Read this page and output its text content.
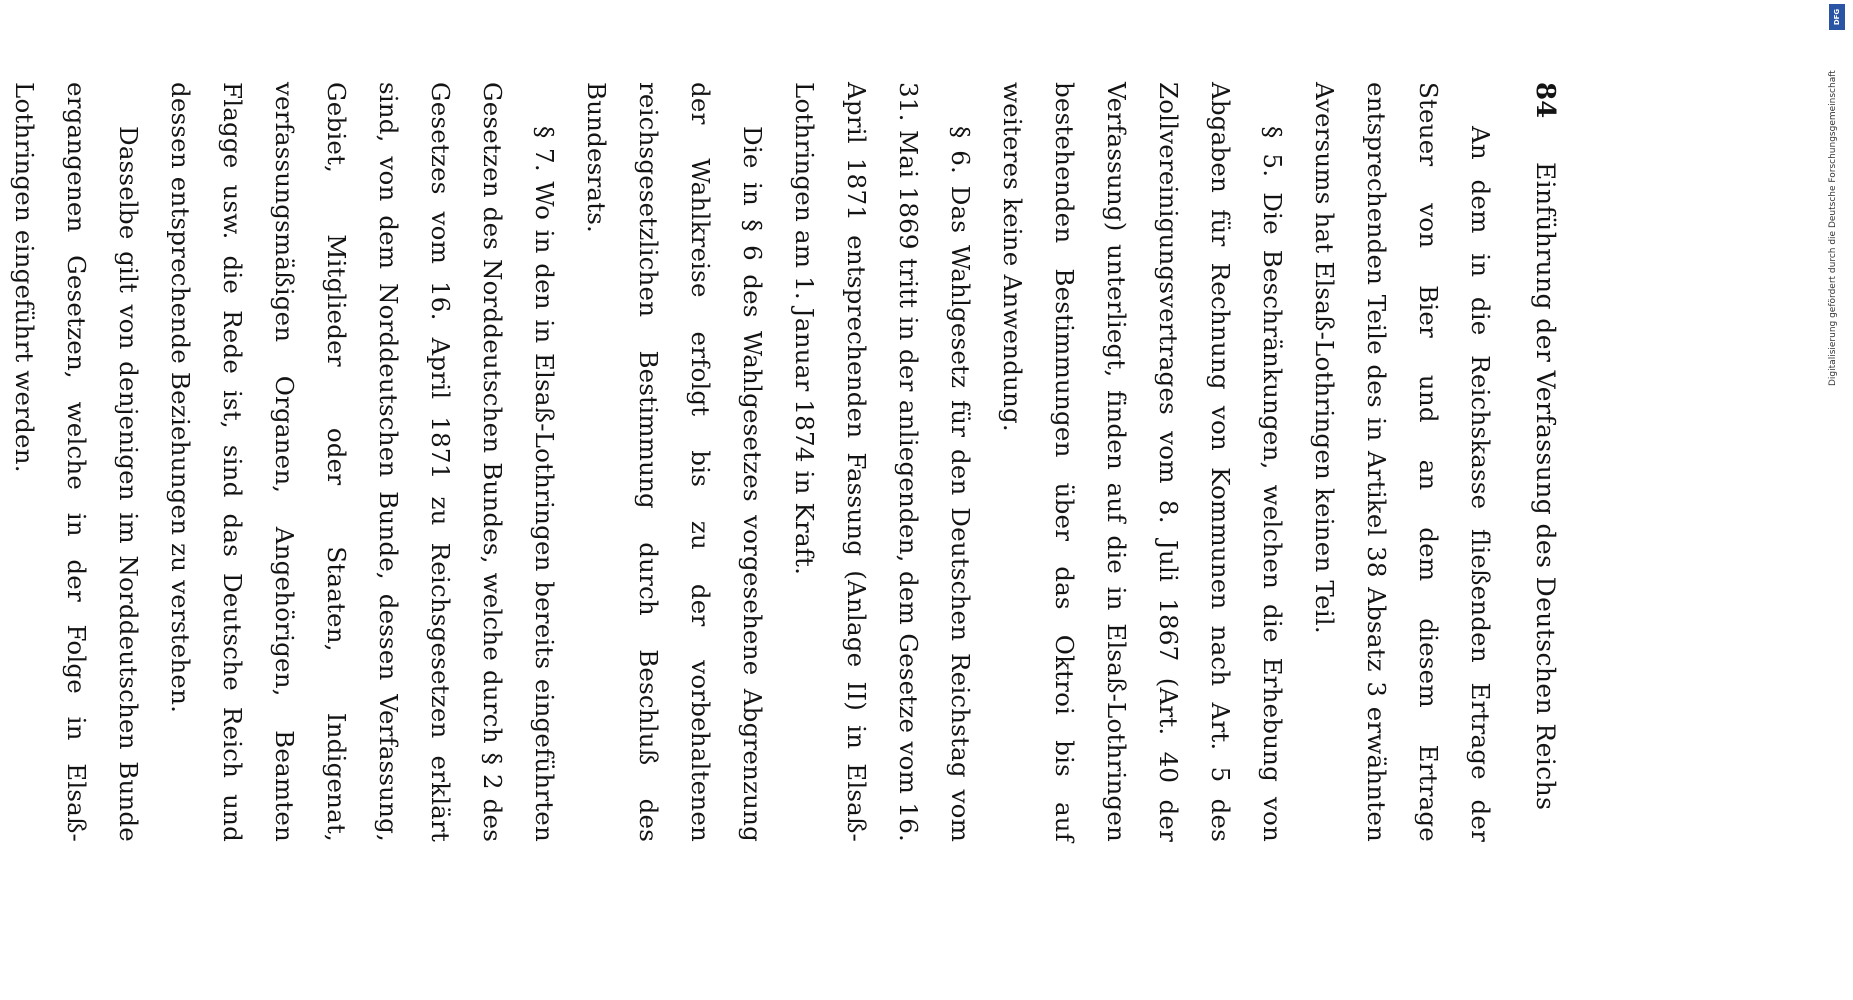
84
Einführung der Verfassung des Deutschen Reichs

An dem in die Reichskasse fließenden Ertrage der Steuer von Bier und an dem diesem Ertrage entsprechenden Teile des in Artikel 38 Absatz 3 erwähnten Aversums hat Elsaß-Lothringen keinen Teil.

§ 5. Die Beschränkungen, welchen die Erhebung von Abgaben für Rechnung von Kommunen nach Art. 5 des Zollvereinigungsvertrages vom 8. Juli 1867 (Art. 40 der Verfassung) unterliegt, finden auf die in Elsaß-Lothringen bestehenden Bestimmungen über das Oktroi bis auf weiteres keine Anwendung.

§ 6. Das Wahlgesetz für den Deutschen Reichstag vom 31. Mai 1869 tritt in der anliegenden, dem Gesetze vom 16. April 1871 entsprechenden Fassung (Anlage II) in Elsaß-Lothringen am 1. Januar 1874 in Kraft.

Die in § 6 des Wahlgesetzes vorgesehene Abgrenzung der Wahlkreise erfolgt bis zu der vorbehaltenen reichsgesetzlichen Bestimmung durch Beschluß des Bundesrats.

§ 7. Wo in den in Elsaß-Lothringen bereits eingeführten Gesetzen des Norddeutschen Bundes, welche durch § 2 des Gesetzes vom 16. April 1871 zu Reichsgesetzen erklärt sind, von dem Norddeutschen Bunde, dessen Verfassung, Gebiet, Mitglieder oder Staaten, Indigenat, verfassungsmäßigen Organen, Angehörigen, Beamten Flagge usw. die Rede ist, sind das Deutsche Reich und dessen entsprechende Beziehungen zu verstehen.

Dasselbe gilt von denjenigen im Norddeutschen Bunde ergangenen Gesetzen, welche in der Folge in Elsaß-Lothringen eingeführt werden.	Digitalisierung gefördert durch die Deutsche Forschungsgemeinschaft
DFG
